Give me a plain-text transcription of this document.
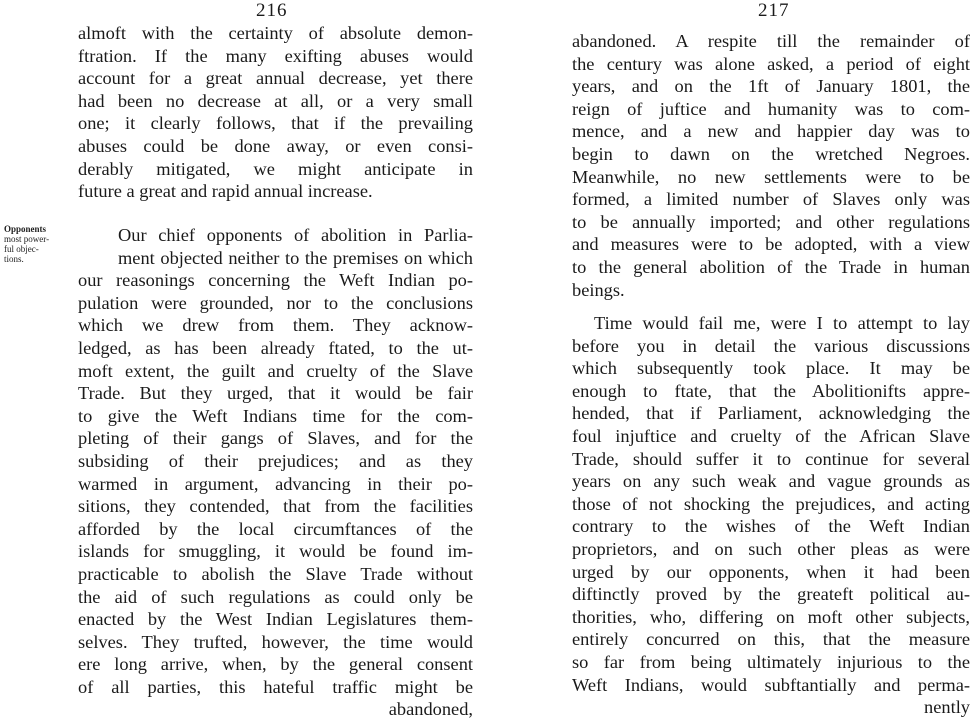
216
almoft with the certainty of absolute demon-
ftration. If the many exifting abuses would
account for a great annual decrease, yet there
had been no decrease at all, or a very small
one; it clearly follows, that if the prevailing
abuses could be done away, or even consi-
derably mitigated, we might anticipate in
future a great and rapid annual increase.
Opponents
most power-
ful objec-
tions.
Our chief opponents of abolition in Parlia-
ment objected neither to the premises on which
our reasonings concerning the Weft Indian po-
pulation were grounded, nor to the conclusions
which we drew from them. They acknow-
ledged, as has been already ftated, to the ut-
moft extent, the guilt and cruelty of the Slave
Trade. But they urged, that it would be fair
to give the Weft Indians time for the com-
pleting of their gangs of Slaves, and for the
subsiding of their prejudices; and as they
warmed in argument, advancing in their po-
sitions, they contended, that from the facilities
afforded by the local circumftances of the
islands for smuggling, it would be found im-
practicable to abolish the Slave Trade without
the aid of such regulations as could only be
enacted by the West Indian Legislatures them-
selves. They trufted, however, the time would
ere long arrive, when, by the general consent
of all parties, this hateful traffic might be
abandoned,
217
abandoned. A respite till the remainder of
the century was alone asked, a period of eight
years, and on the 1ft of January 1801, the
reign of juftice and humanity was to com-
mence, and a new and happier day was to
begin to dawn on the wretched Negroes.
Meanwhile, no new settlements were to be
formed, a limited number of Slaves only was
to be annually imported; and other regulations
and measures were to be adopted, with a view
to the general abolition of the Trade in human
beings.
Time would fail me, were I to attempt to lay
before you in detail the various discussions
which subsequently took place. It may be
enough to ftate, that the Abolitionifts appre-
hended, that if Parliament, acknowledging the
foul injuftice and cruelty of the African Slave
Trade, should suffer it to continue for several
years on any such weak and vague grounds as
those of not shocking the prejudices, and acting
contrary to the wishes of the Weft Indian
proprietors, and on such other pleas as were
urged by our opponents, when it had been
diftinctly proved by the greateft political au-
thorities, who, differing on moft other subjects,
entirely concurred on this, that the measure
so far from being ultimately injurious to the
Weft Indians, would subftantially and perma-
nently
